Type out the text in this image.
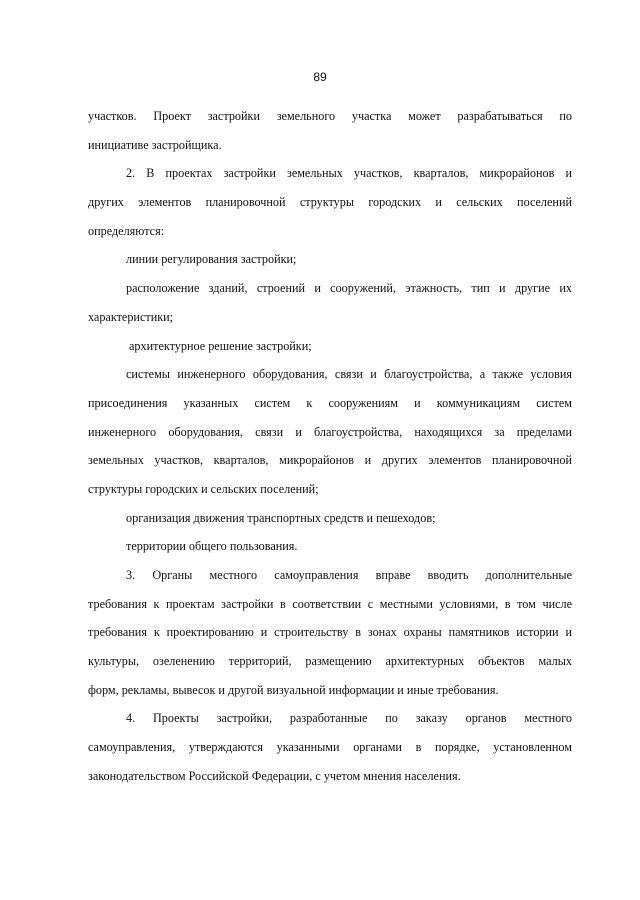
89
участков. Проект застройки земельного участка может разрабатываться по
инициативе застройщика.
2. В проектах застройки земельных участков, кварталов, микрорайонов и
других элементов планировочной структуры городских и сельских поселений
определяются:
линии регулирования застройки;
расположение зданий, строений и сооружений, этажность, тип и другие их
характеристики;
архитектурное решение застройки;
системы инженерного оборудования, связи и благоустройства, а также условия
присоединения указанных систем к сооружениям и коммуникациям систем
инженерного оборудования, связи и благоустройства, находящихся за пределами
земельных участков, кварталов, микрорайонов и других элементов планировочной
структуры городских и сельских поселений;
организация движения транспортных средств и пешеходов;
территории общего пользования.
3. Органы местного самоуправления вправе вводить дополнительные
требования к проектам застройки в соответствии с местными условиями, в том числе
требования к проектированию и строительству в зонах охраны памятников истории и
культуры, озеленению территорий, размещению архитектурных объектов малых
форм, рекламы, вывесок и другой визуальной информации и иные требования.
4. Проекты застройки, разработанные по заказу органов местного
самоуправления, утверждаются указанными органами в порядке, установленном
законодательством Российской Федерации, с учетом мнения населения.
